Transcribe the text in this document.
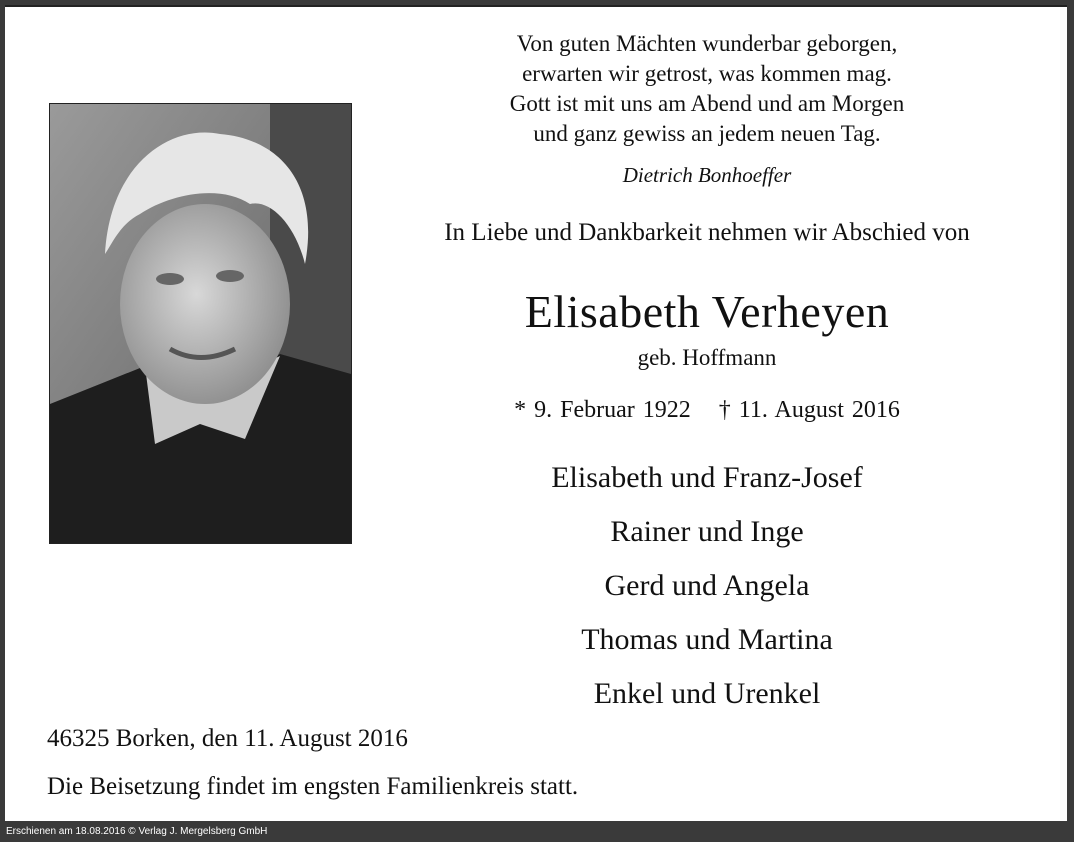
Von guten Mächten wunderbar geborgen,
erwarten wir getrost, was kommen mag.
Gott ist mit uns am Abend und am Morgen
und ganz gewiss an jedem neuen Tag.
Dietrich Bonhoeffer
In Liebe und Dankbarkeit nehmen wir Abschied von
Elisabeth Verheyen
geb. Hoffmann
* 9. Februar 1922 † 11. August 2016
Elisabeth und Franz-Josef
Rainer und Inge
Gerd und Angela
Thomas und Martina
Enkel und Urenkel
46325 Borken, den 11. August 2016
Die Beisetzung findet im engsten Familienkreis statt.
Erschienen am 18.08.2016 © Verlag J. Mergelsberg GmbH
